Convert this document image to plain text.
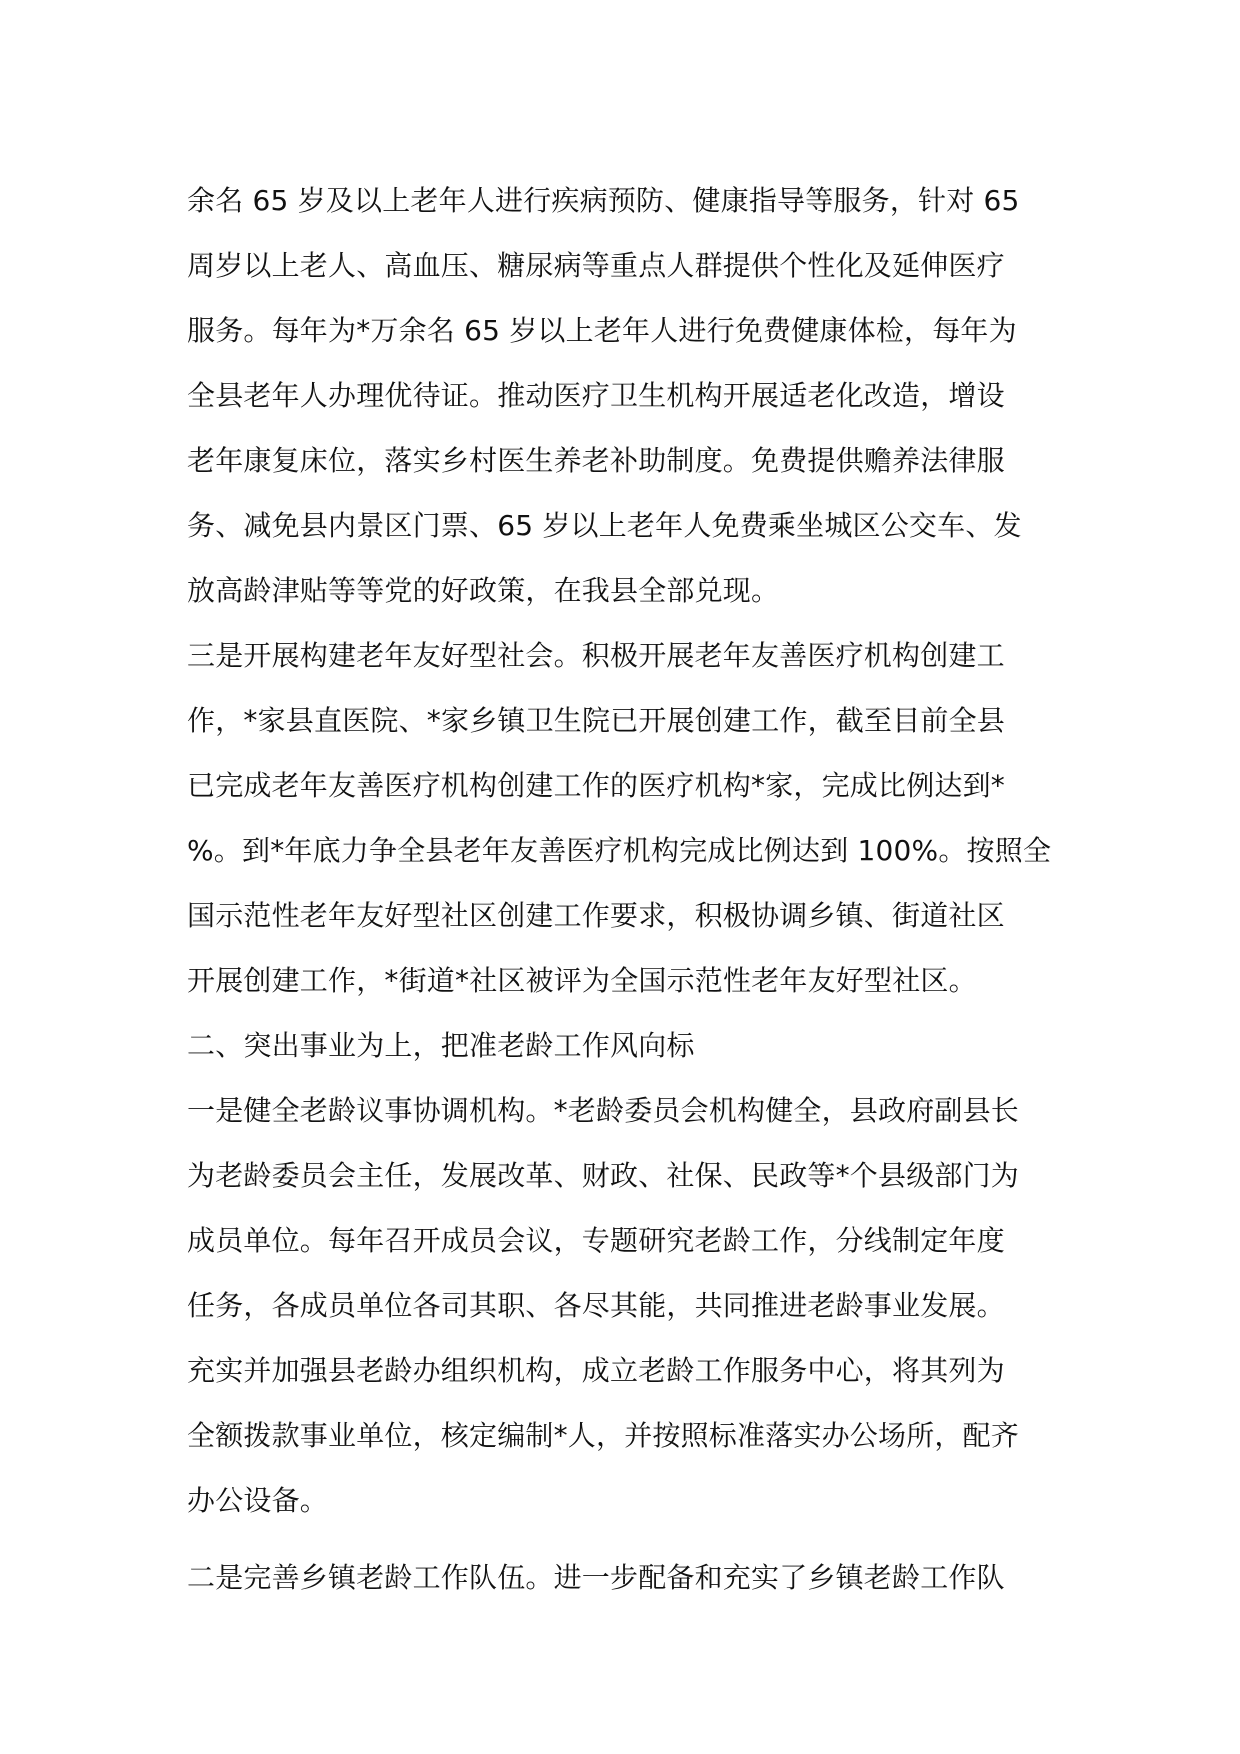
余名 65 岁及以上老年人进行疾病预防、健康指导等服务，针对 65
周岁以上老人、高血压、糖尿病等重点人群提供个性化及延伸医疗
服务。每年为*万余名 65 岁以上老年人进行免费健康体检，每年为
全县老年人办理优待证。推动医疗卫生机构开展适老化改造，增设
老年康复床位，落实乡村医生养老补助制度。免费提供赡养法律服
务、减免县内景区门票、65 岁以上老年人免费乘坐城区公交车、发
放高龄津贴等等党的好政策，在我县全部兑现。
三是开展构建老年友好型社会。积极开展老年友善医疗机构创建工
作，*家县直医院、*家乡镇卫生院已开展创建工作，截至目前全县
已完成老年友善医疗机构创建工作的医疗机构*家，完成比例达到*
%。到*年底力争全县老年友善医疗机构完成比例达到 100%。按照全
国示范性老年友好型社区创建工作要求，积极协调乡镇、街道社区
开展创建工作，*街道*社区被评为全国示范性老年友好型社区。
二、突出事业为上，把准老龄工作风向标
一是健全老龄议事协调机构。*老龄委员会机构健全，县政府副县长
为老龄委员会主任，发展改革、财政、社保、民政等*个县级部门为
成员单位。每年召开成员会议，专题研究老龄工作，分线制定年度
任务，各成员单位各司其职、各尽其能，共同推进老龄事业发展。
充实并加强县老龄办组织机构，成立老龄工作服务中心，将其列为
全额拨款事业单位，核定编制*人，并按照标准落实办公场所，配齐
办公设备。
二是完善乡镇老龄工作队伍。进一步配备和充实了乡镇老龄工作队
